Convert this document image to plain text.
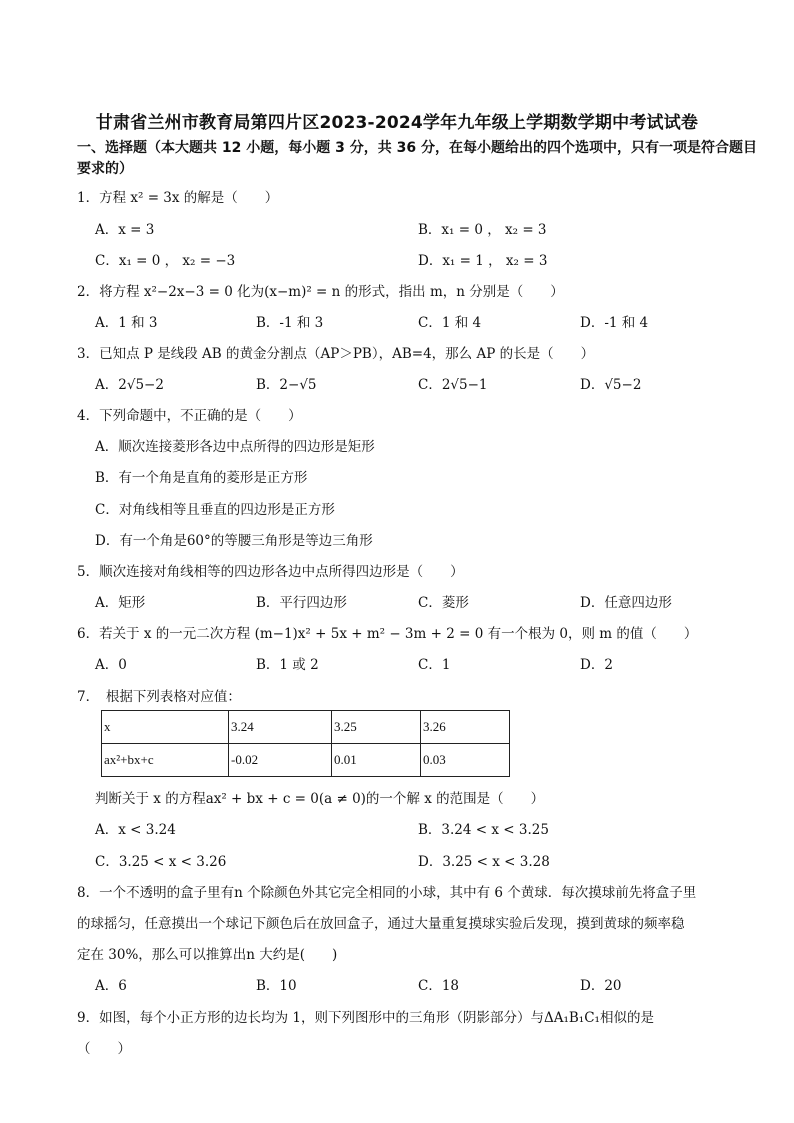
甘肃省兰州市教育局第四片区2023-2024学年九年级上学期数学期中考试试卷
一、选择题（本大题共 12 小题，每小题 3 分，共 36 分，在每小题给出的四个选项中，只有一项是符合题目要求的）
1．方程 x² = 3x 的解是（　　）
A．x = 3	B．x₁ = 0 ， x₂ = 3
C．x₁ = 0 ， x₂ = −3	D．x₁ = 1 ， x₂ = 3
2．将方程 x²−2x−3 = 0 化为(x−m)² = n 的形式，指出 m，n 分别是（　　）
A．1 和 3	B．-1 和 3	C．1 和 4	D．-1 和 4
3．已知点 P 是线段 AB 的黄金分割点（AP＞PB），AB=4，那么 AP 的长是（　　）
A．2√5−2	B．2−√5	C．2√5−1	D．√5−2
4．下列命题中，不正确的是（　　）
A．顺次连接菱形各边中点所得的四边形是矩形
B．有一个角是直角的菱形是正方形
C．对角线相等且垂直的四边形是正方形
D．有一个角是60°的等腰三角形是等边三角形
5．顺次连接对角线相等的四边形各边中点所得四边形是（　　）
A．矩形	B．平行四边形	C．菱形	D．任意四边形
6．若关于 x 的一元二次方程 (m−1)x² + 5x + m² − 3m + 2 = 0 有一个根为 0，则 m 的值（　　）
A．0	B．1 或 2	C．1	D．2
7．　根据下列表格对应值：
x	3.24	3.25	3.26
ax²+bx+c	-0.02	0.01	0.03
判断关于 x 的方程ax² + bx + c = 0(a ≠ 0)的一个解 x 的范围是（　　）
A．x < 3.24	B．3.24 < x < 3.25
C．3.25 < x < 3.26	D．3.25 < x < 3.28
8．一个不透明的盒子里有n 个除颜色外其它完全相同的小球，其中有 6 个黄球．每次摸球前先将盒子里
的球摇匀，任意摸出一个球记下颜色后在放回盒子，通过大量重复摸球实验后发现，摸到黄球的频率稳
定在 30%，那么可以推算出n 大约是(　　)
A．6	B．10	C．18	D．20
9．如图，每个小正方形的边长均为 1，则下列图形中的三角形（阴影部分）与ΔA₁B₁C₁相似的是
（　　）
